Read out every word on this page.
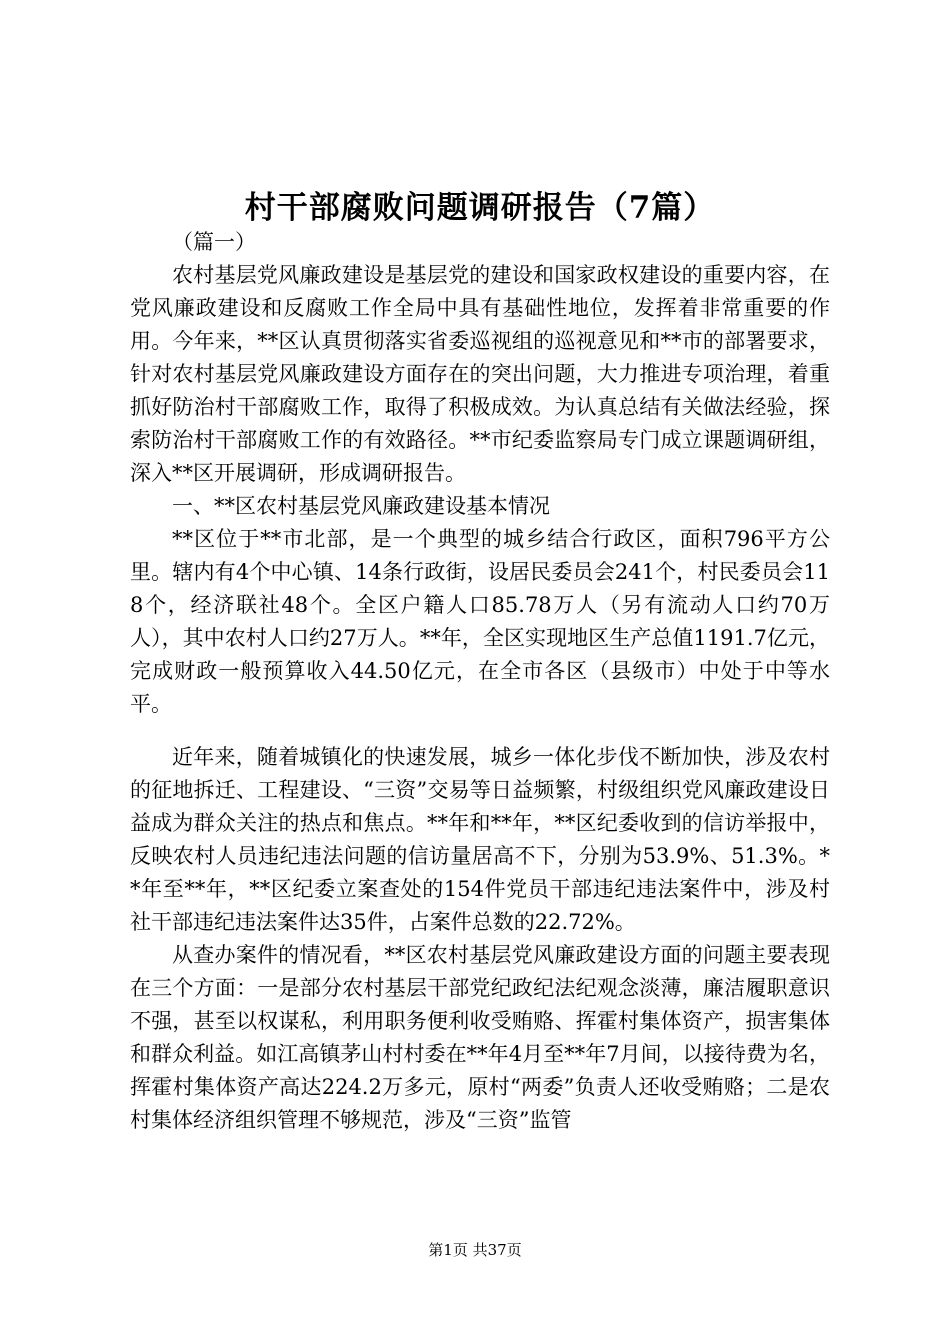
村干部腐败问题调研报告（7篇）

（篇一）

农村基层党风廉政建设是基层党的建设和国家政权建设的重要内容，在党风廉政建设和反腐败工作全局中具有基础性地位，发挥着非常重要的作用。今年来，**区认真贯彻落实省委巡视组的巡视意见和**市的部署要求，针对农村基层党风廉政建设方面存在的突出问题，大力推进专项治理，着重抓好防治村干部腐败工作，取得了积极成效。为认真总结有关做法经验，探索防治村干部腐败工作的有效路径。**市纪委监察局专门成立课题调研组，深入**区开展调研，形成调研报告。

一、**区农村基层党风廉政建设基本情况

**区位于**市北部，是一个典型的城乡结合行政区，面积796平方公里。辖内有4个中心镇、14条行政街，设居民委员会241个，村民委员会118个，经济联社48个。全区户籍人口85.78万人（另有流动人口约70万人），其中农村人口约27万人。**年，全区实现地区生产总值1191.7亿元，完成财政一般预算收入44.50亿元，在全市各区（县级市）中处于中等水平。

近年来，随着城镇化的快速发展，城乡一体化步伐不断加快，涉及农村的征地拆迁、工程建设、“三资”交易等日益频繁，村级组织党风廉政建设日益成为群众关注的热点和焦点。**年和**年，**区纪委收到的信访举报中，反映农村人员违纪违法问题的信访量居高不下，分别为53.9%、51.3%。**年至**年，**区纪委立案查处的154件党员干部违纪违法案件中，涉及村社干部违纪违法案件达35件，占案件总数的22.72%。

从查办案件的情况看，**区农村基层党风廉政建设方面的问题主要表现在三个方面：一是部分农村基层干部党纪政纪法纪观念淡薄，廉洁履职意识不强，甚至以权谋私，利用职务便利收受贿赂、挥霍村集体资产，损害集体和群众利益。如江高镇茅山村村委在**年4月至**年7月间，以接待费为名，挥霍村集体资产高达224.2万多元，原村“两委”负责人还收受贿赂；二是农村集体经济组织管理不够规范，涉及“三资”监管

第1页 共37页
